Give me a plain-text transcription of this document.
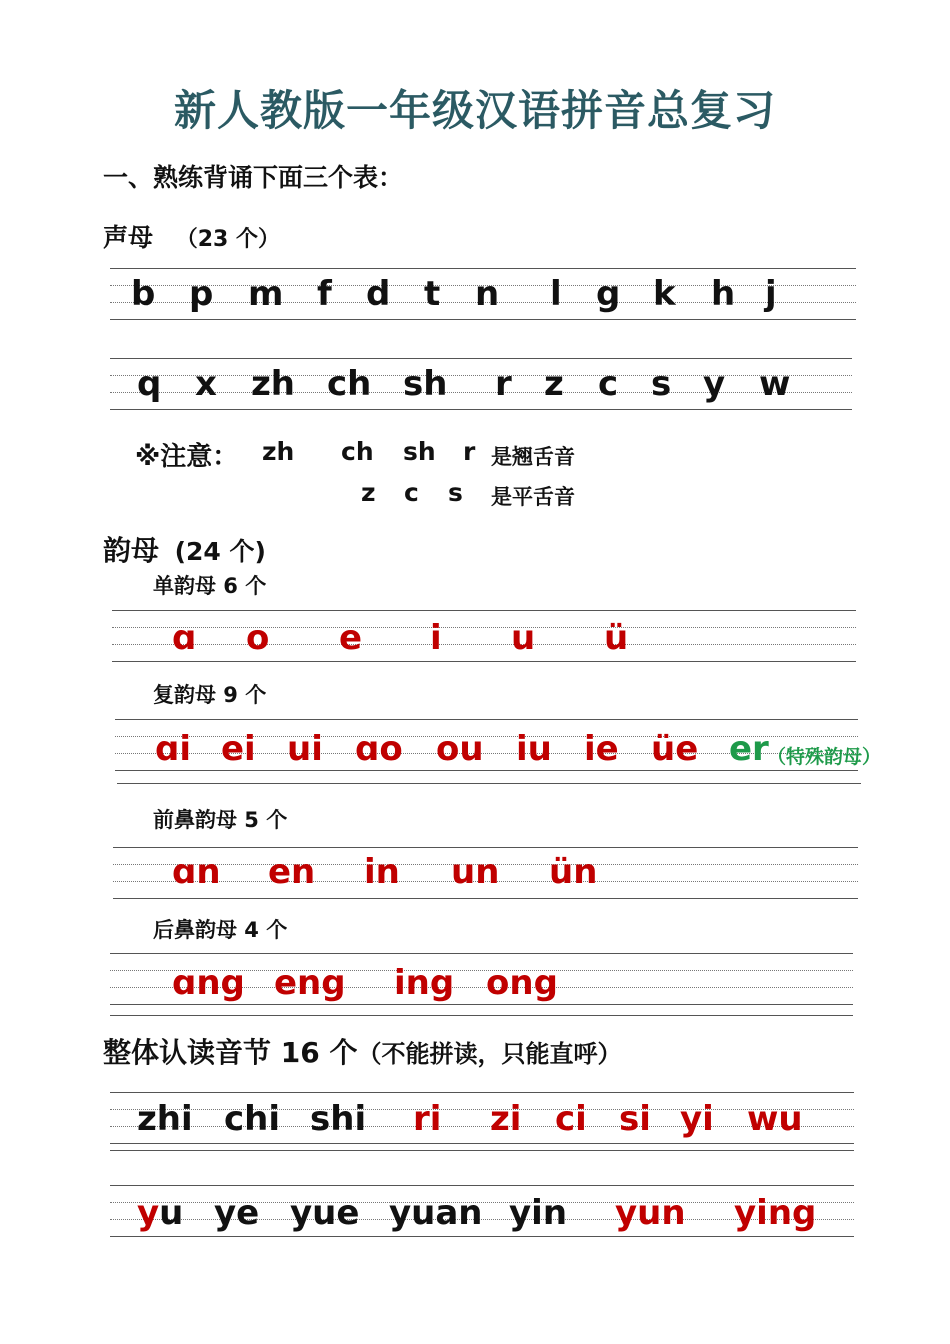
新人教版一年级汉语拼音总复习
一、熟练背诵下面三个表：
声母 （23 个）
b p m f d t n l g k h j
q x zh ch sh r z c s y w
※注意： zh ch sh r 是翘舌音
z c s 是平舌音
韵母 (24 个)
单韵母 6 个
ɑ o e i u ü
复韵母 9 个
ɑi ei ui ɑo ou iu ie üe er
（特殊韵母）
前鼻韵母 5 个
ɑn en in un ün
后鼻韵母 4 个
ɑng eng ing ong
整体认读音节 16 个（不能拼读，只能直呼）
zhi chi shi ri zi ci si yi wu
yu ye yue yuan yin yun ying
